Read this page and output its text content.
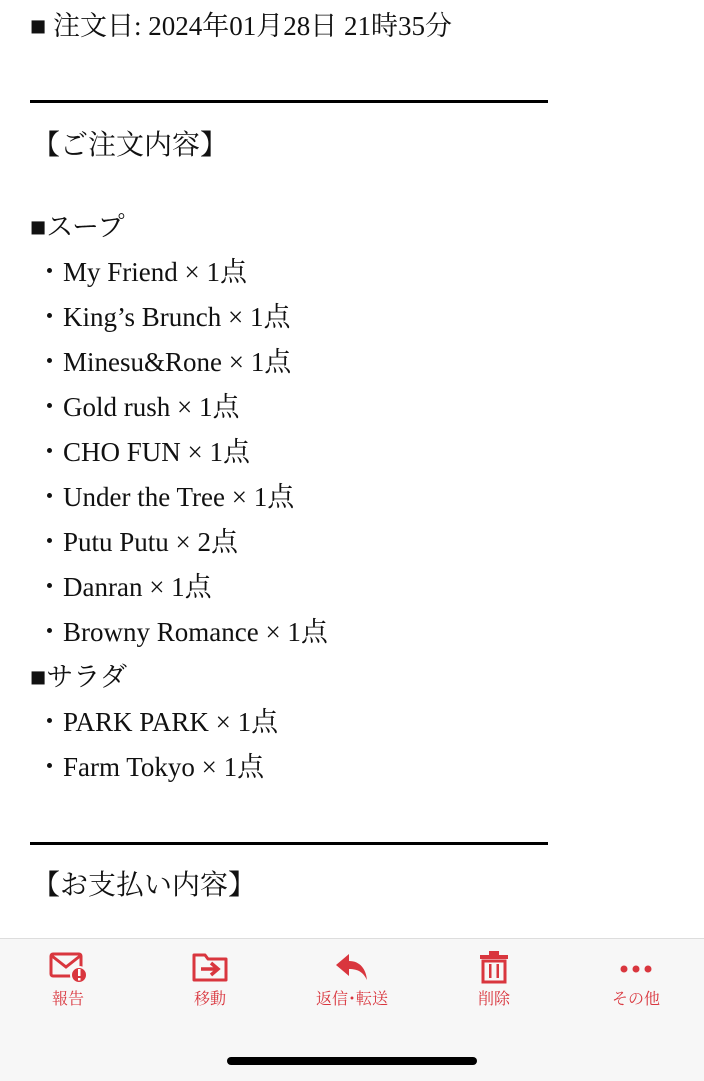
■ 注文日: 2024年01月28日 21時35分
【ご注文内容】
■スープ
・My Friend × 1点
・King’s Brunch × 1点
・Minesu&Rone × 1点
・Gold rush × 1点
・CHO FUN × 1点
・Under the Tree × 1点
・Putu Putu × 2点
・Danran × 1点
・Browny Romance × 1点
■サラダ
・PARK PARK × 1点
・Farm Tokyo × 1点
【お支払い内容】
報告	移動	返信･転送	削除	その他
